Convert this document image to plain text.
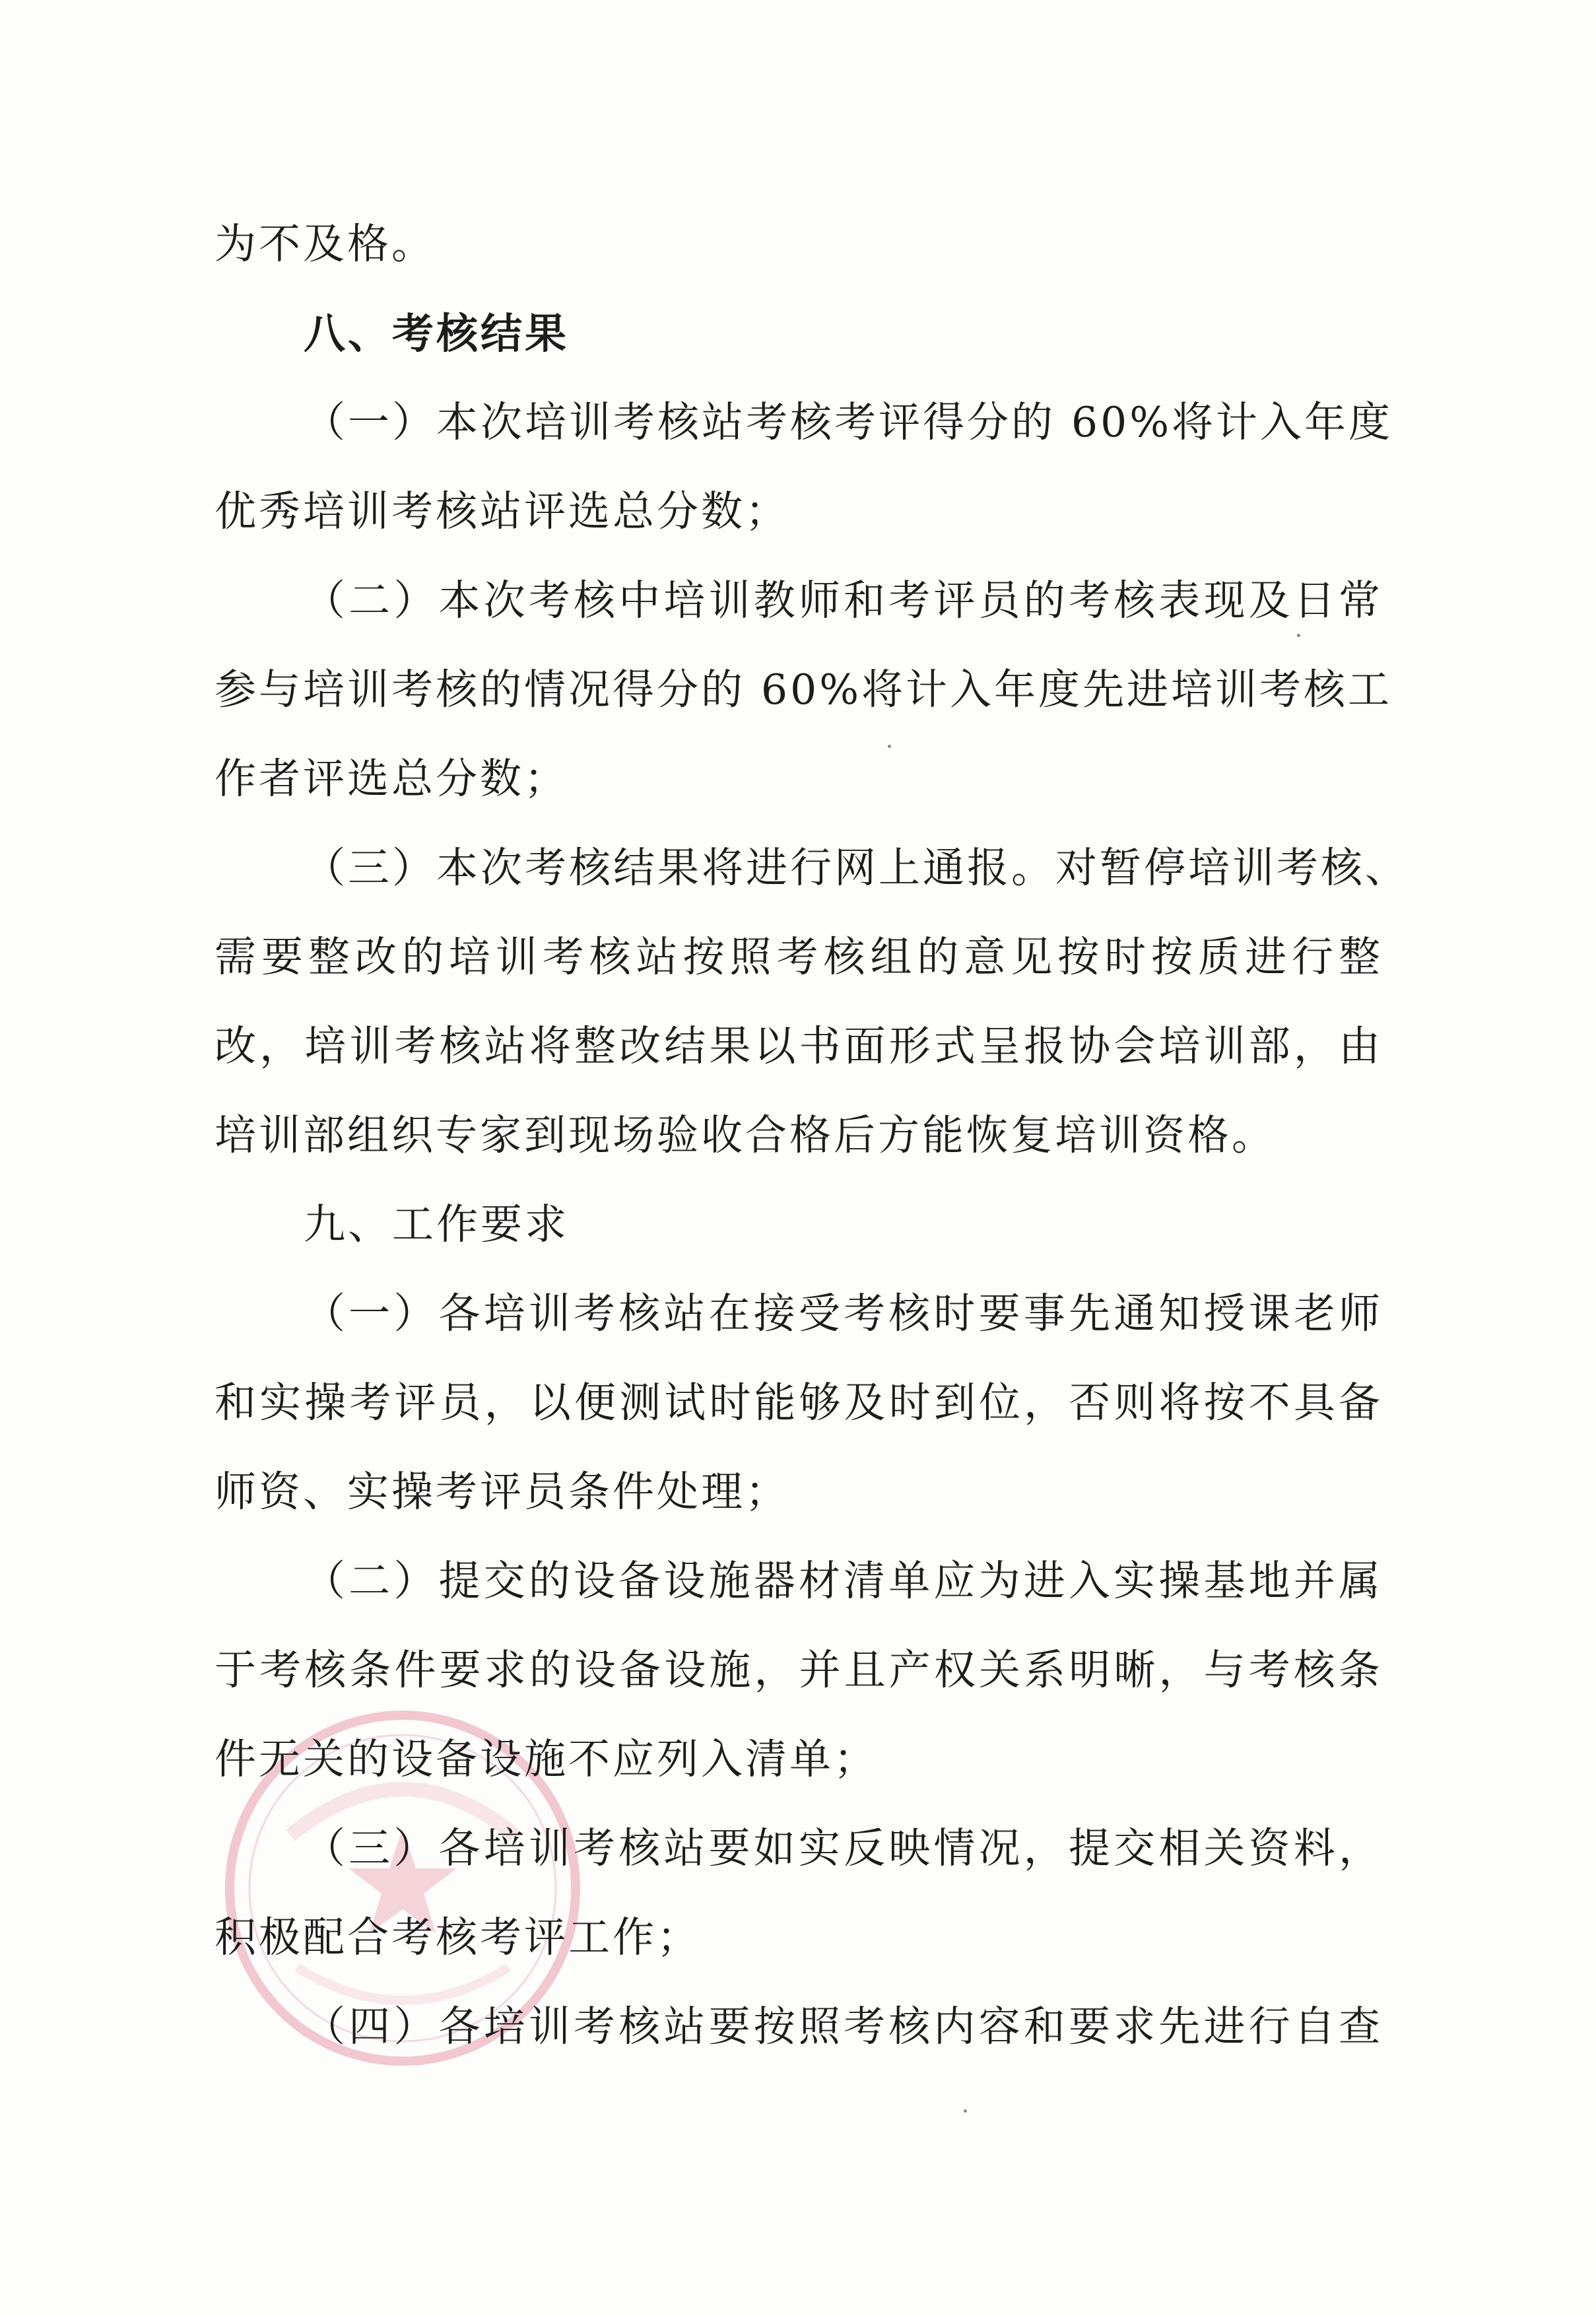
为不及格。

八、考核结果

（一）本次培训考核站考核考评得分的 60%将计入年度

优秀培训考核站评选总分数；

（二）本次考核中培训教师和考评员的考核表现及日常

参与培训考核的情况得分的 60%将计入年度先进培训考核工

作者评选总分数；

（三）本次考核结果将进行网上通报。对暂停培训考核、

需要整改的培训考核站按照考核组的意见按时按质进行整

改，培训考核站将整改结果以书面形式呈报协会培训部，由

培训部组织专家到现场验收合格后方能恢复培训资格。

九、工作要求

（一）各培训考核站在接受考核时要事先通知授课老师

和实操考评员，以便测试时能够及时到位，否则将按不具备

师资、实操考评员条件处理；

（二）提交的设备设施器材清单应为进入实操基地并属

于考核条件要求的设备设施，并且产权关系明晰，与考核条

件无关的设备设施不应列入清单；

（三）各培训考核站要如实反映情况，提交相关资料，

积极配合考核考评工作；

（四）各培训考核站要按照考核内容和要求先进行自查
